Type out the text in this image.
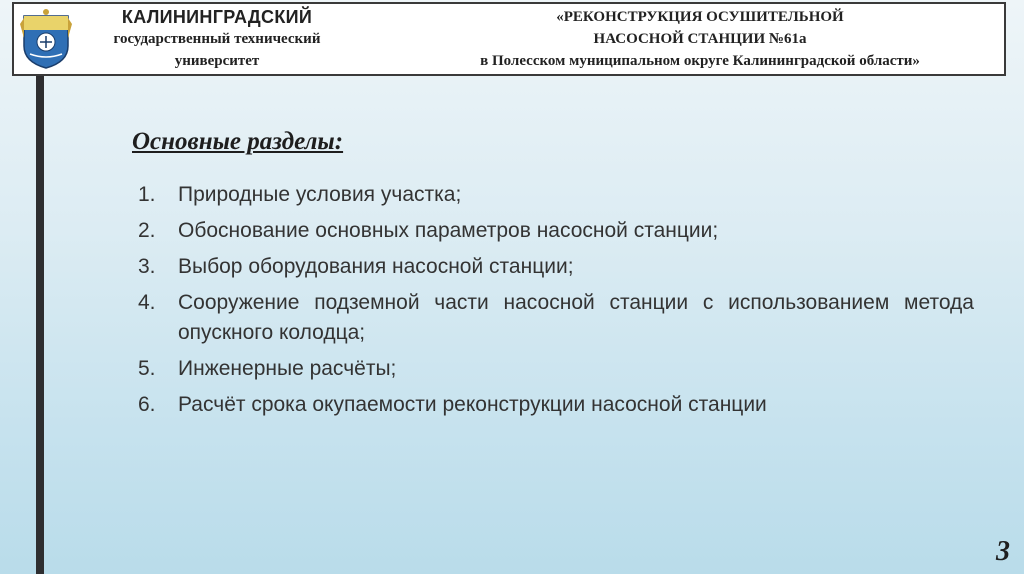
КАЛИНИНГРАДСКИЙ
государственный технический
университет
«РЕКОНСТРУКЦИЯ ОСУШИТЕЛЬНОЙ
НАСОСНОЙ СТАНЦИИ №61а
в Полесском муниципальном округе Калининградской области»
Основные разделы:
1. Природные условия участка;
2. Обоснование основных параметров насосной станции;
3. Выбор оборудования насосной станции;
4. Сооружение подземной части насосной станции с использованием метода опускного колодца;
5. Инженерные расчёты;
6. Расчёт срока окупаемости реконструкции насосной станции
3
